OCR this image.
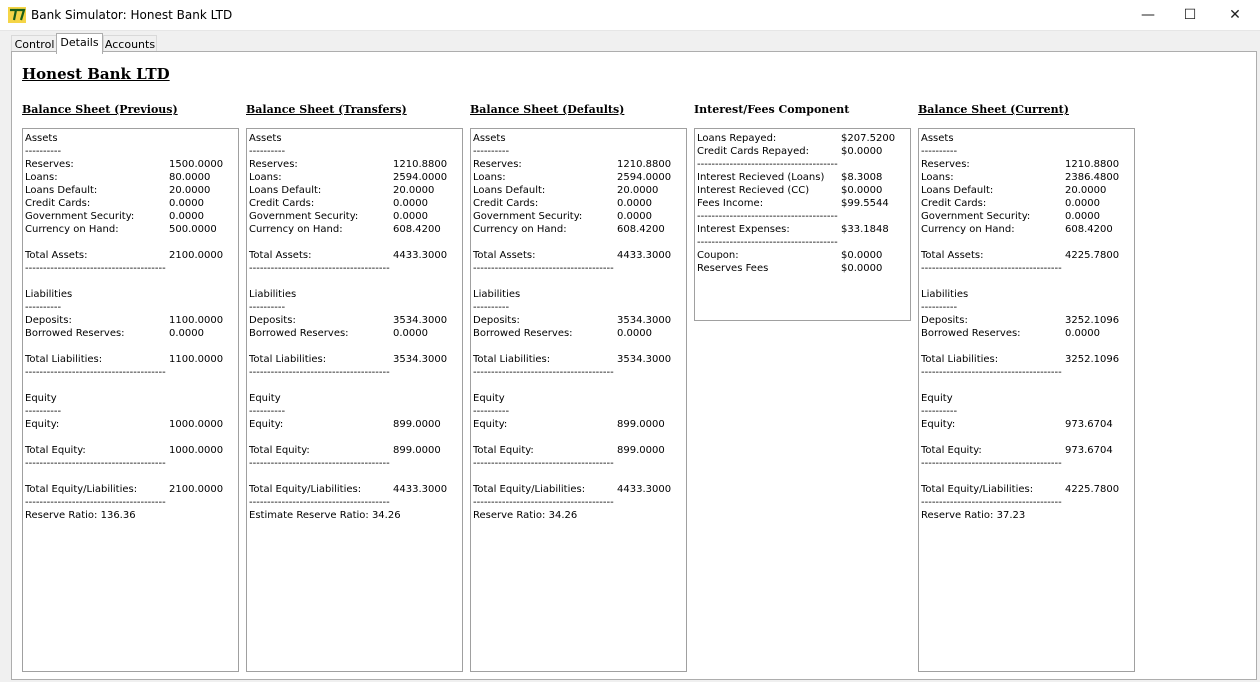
Bank Simulator: Honest Bank LTD	—	☐	✕
Control Details Accounts
Honest Bank LTD
Balance Sheet (Previous)	Balance Sheet (Transfers)	Balance Sheet (Defaults)	Interest/Fees Component	Balance Sheet (Current)
Assets
----------
Reserves:	1500.0000
Loans:	80.0000
Loans Default:	20.0000
Credit Cards:	0.0000
Government Security:	0.0000
Currency on Hand:	500.0000
Total Assets:	2100.0000
---------------------------------------
Liabilities
----------
Deposits:	1100.0000
Borrowed Reserves:	0.0000
Total Liabilities:	1100.0000
---------------------------------------
Equity
----------
Equity:	1000.0000
Total Equity:	1000.0000
---------------------------------------
Total Equity/Liabilities:	2100.0000
---------------------------------------
Reserve Ratio: 136.36
Assets
----------
Reserves:	1210.8800
Loans:	2594.0000
Loans Default:	20.0000
Credit Cards:	0.0000
Government Security:	0.0000
Currency on Hand:	608.4200
Total Assets:	4433.3000
---------------------------------------
Liabilities
----------
Deposits:	3534.3000
Borrowed Reserves:	0.0000
Total Liabilities:	3534.3000
---------------------------------------
Equity
----------
Equity:	899.0000
Total Equity:	899.0000
---------------------------------------
Total Equity/Liabilities:	4433.3000
---------------------------------------
Estimate Reserve Ratio: 34.26
Assets
----------
Reserves:	1210.8800
Loans:	2594.0000
Loans Default:	20.0000
Credit Cards:	0.0000
Government Security:	0.0000
Currency on Hand:	608.4200
Total Assets:	4433.3000
---------------------------------------
Liabilities
----------
Deposits:	3534.3000
Borrowed Reserves:	0.0000
Total Liabilities:	3534.3000
---------------------------------------
Equity
----------
Equity:	899.0000
Total Equity:	899.0000
---------------------------------------
Total Equity/Liabilities:	4433.3000
---------------------------------------
Reserve Ratio: 34.26
Loans Repayed:	$207.5200
Credit Cards Repayed:	$0.0000
---------------------------------------
Interest Recieved (Loans) $8.3008
Interest Recieved (CC)	$0.0000
Fees Income:	$99.5544
---------------------------------------
Interest Expenses:	$33.1848
---------------------------------------
Coupon:	$0.0000
Reserves Fees	$0.0000
Assets
----------
Reserves:	1210.8800
Loans:	2386.4800
Loans Default:	20.0000
Credit Cards:	0.0000
Government Security:	0.0000
Currency on Hand:	608.4200
Total Assets:	4225.7800
---------------------------------------
Liabilities
----------
Deposits:	3252.1096
Borrowed Reserves:	0.0000
Total Liabilities:	3252.1096
---------------------------------------
Equity
----------
Equity:	973.6704
Total Equity:	973.6704
---------------------------------------
Total Equity/Liabilities:	4225.7800
---------------------------------------
Reserve Ratio: 37.23
